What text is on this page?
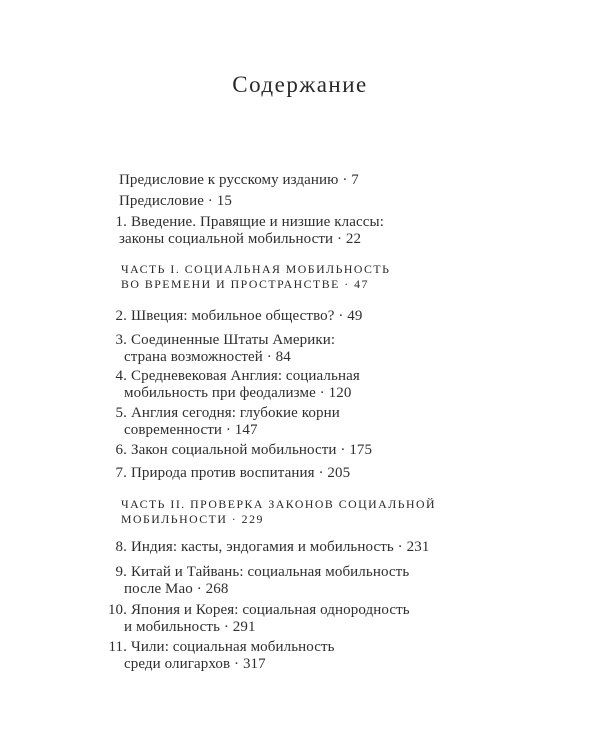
Содержание
Предисловие к русскому изданию · 7
Предисловие · 15
1. Введение. Правящие и низшие классы:
законы социальной мобильности · 22
ЧАСТЬ I. СОЦИАЛЬНАЯ МОБИЛЬНОСТЬ
ВО ВРЕМЕНИ И ПРОСТРАНСТВЕ · 47
2. Швеция: мобильное общество? · 49
3. Соединенные Штаты Америки:
страна возможностей · 84
4. Средневековая Англия: социальная
мобильность при феодализме · 120
5. Англия сегодня: глубокие корни
современности · 147
6. Закон социальной мобильности · 175
7. Природа против воспитания · 205
ЧАСТЬ II. ПРОВЕРКА ЗАКОНОВ СОЦИАЛЬНОЙ
МОБИЛЬНОСТИ · 229
8. Индия: касты, эндогамия и мобильность · 231
9. Китай и Тайвань: социальная мобильность
после Мао · 268
10. Япония и Корея: социальная однородность
и мобильность · 291
11. Чили: социальная мобильность
среди олигархов · 317
